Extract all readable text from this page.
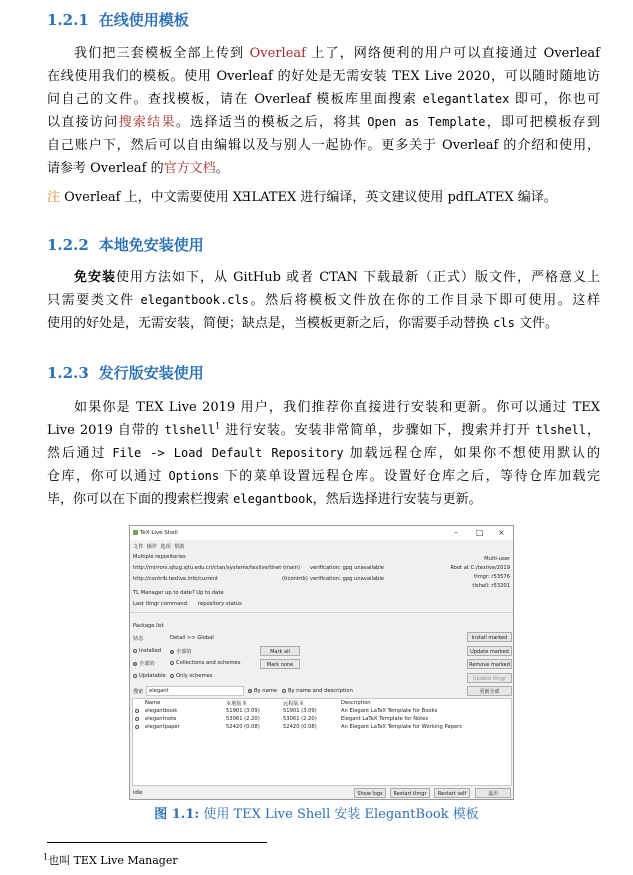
1.2.1 在线使用模板
我们把三套模板全部上传到 Overleaf 上了，网络便利的用户可以直接通过 Overleaf
在线使用我们的模板。使用 Overleaf 的好处是无需安装 TEX Live 2020，可以随时随地访
问自己的文件。查找模板，请在 Overleaf 模板库里面搜索 elegantlatex 即可，你也可
以直接访问搜索结果。选择适当的模板之后，将其 Open as Template，即可把模板存到
自己账户下，然后可以自由编辑以及与别人一起协作。更多关于 Overleaf 的介绍和使用，
请参考 Overleaf 的官方文档。
注 Overleaf 上，中文需要使用 XƎLATEX 进行编译，英文建议使用 pdfLATEX 编译。
1.2.2 本地免安装使用
免安装使用方法如下，从 GitHub 或者 CTAN 下载最新（正式）版文件，严格意义上
只需要类文件 elegantbook.cls。然后将模板文件放在你的工作目录下即可使用。这样
使用的好处是，无需安装，简便；缺点是，当模板更新之后，你需要手动替换 cls 文件。
1.2.3 发行版安装使用
如果你是 TEX Live 2019 用户，我们推荐你直接进行安装和更新。你可以通过 TEX
Live 2019 自带的 tlshell$^1$ 进行安装。安装非常简单，步骤如下，搜索并打开 tlshell，
然后通过 File -> Load Default Repository 加载远程仓库，如果你不想使用默认的
仓库，你可以通过 Options 下的菜单设置远程仓库。设置好仓库之后，等待仓库加载完
毕，你可以在下面的搜索栏搜索 elegantbook，然后选择进行安装与更新。
TeX Live Shell	– □ ×
文件 操作 选项 帮助
Multiple repositories	Multi-user
http://mirrors.sjtug.sjtu.edu.cn/ctan/systems/texlive/tlnet (main) verification: gpg unavailable	Root at C:/texlive/2019
http://contrib.texlive.info/current	(tlcontrib) verification: gpg unavailable	tlmgr: r53576
tlshell: r53201
TL Manager up to date? Up to date
Last tlmgr command: repository status
Package list
状态	Detail >> Global
Installed	全部的
全部的	Collections and schemes
Updatable	Only schemes
Mark all
Mark none
Install marked
Update marked
Remove marked
Update tlmgr
更新全部
搜索	elegant	By name	By name and description
Name	本地版本	远程版本	Description
elegantbook	51901 (3.09)	51901 (3.09)	An Elegant LaTeX Template for Books
elegantnote	53061 (2.20)	53061 (2.20)	Elegant LaTeX Template for Notes
elegantpaper	52420 (0.08)	52420 (0.08)	An Elegant LaTeX Template for Working Papers
Idle	Show logs	Restart tlmgr	Restart self	退出
图 1.1: 使用 TEX Live Shell 安装 ElegantBook 模板
$^1$也叫 TEX Live Manager
